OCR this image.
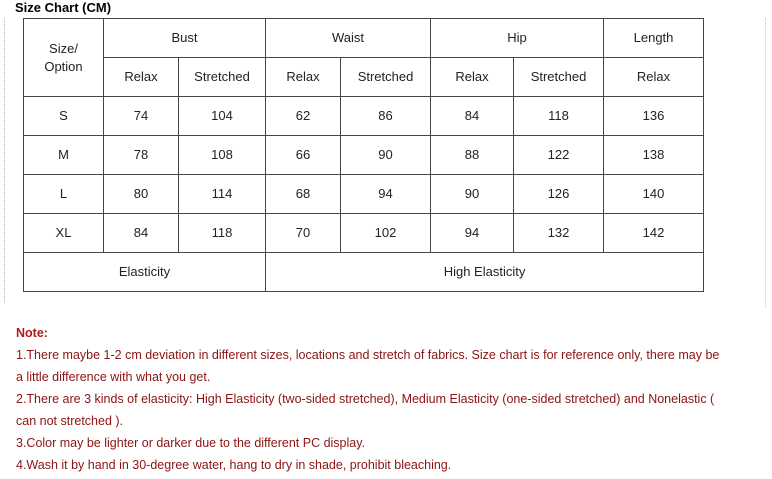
Size Chart (CM)
Size/
Option	Bust		Waist		Hip		Length
	Relax	Stretched	Relax	Stretched	Relax	Stretched	Relax
S	74	104	62	86	84	118	136
M	78	108	66	90	88	122	138
L	80	114	68	94	90	126	140
XL	84	118	70	102	94	132	142
Elasticity			High Elasticity				
Note:
1.There maybe 1-2 cm deviation in different sizes, locations and stretch of fabrics. Size chart is for reference only, there may be
a little difference with what you get.
2.There are 3 kinds of elasticity: High Elasticity (two-sided stretched), Medium Elasticity (one-sided stretched) and Nonelastic (
can not stretched ).
3.Color may be lighter or darker due to the different PC display.
4.Wash it by hand in 30-degree water, hang to dry in shade, prohibit bleaching.
